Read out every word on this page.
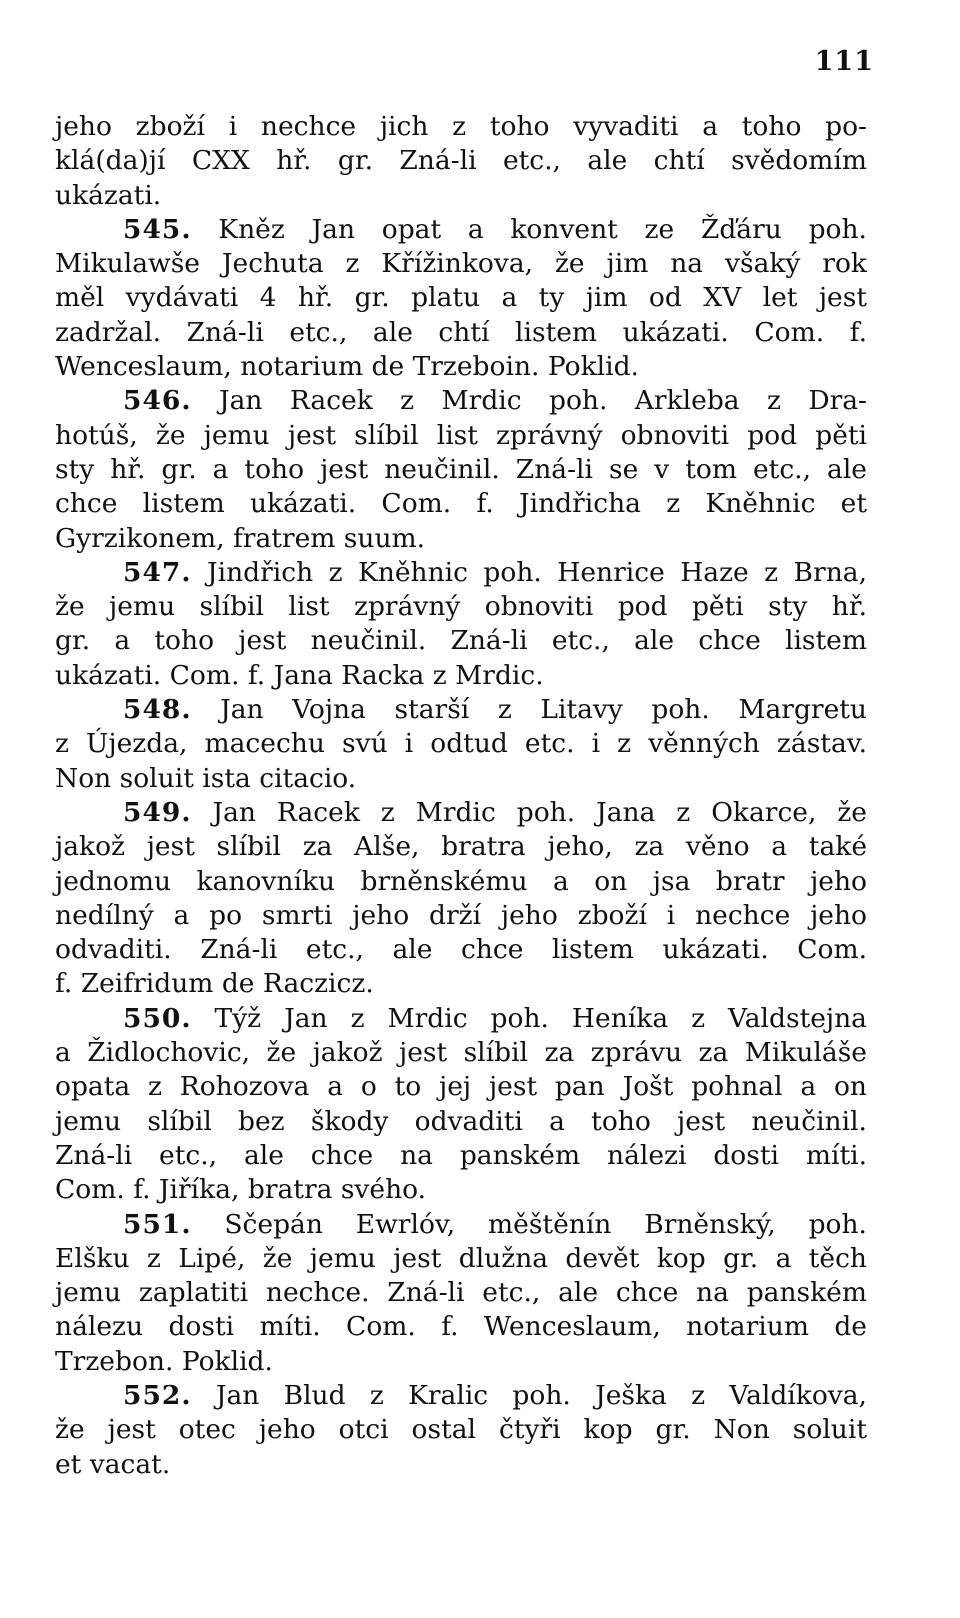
111
jeho zboží i nechce jich z toho vyvaditi a toho po-
klá(da)jí CXX hř. gr. Zná-li etc., ale chtí svědomím
ukázati.
545. Kněz Jan opat a konvent ze Žďáru poh.
Mikulawše Jechuta z Křížinkova, že jim na všaký rok
měl vydávati 4 hř. gr. platu a ty jim od XV let jest
zadržal. Zná-li etc., ale chtí listem ukázati. Com. f.
Wenceslaum, notarium de Trzeboin. Poklid.
546. Jan Racek z Mrdic poh. Arkleba z Dra-
hotúš, že jemu jest slíbil list zprávný obnoviti pod pěti
sty hř. gr. a toho jest neučinil. Zná-li se v tom etc., ale
chce listem ukázati. Com. f. Jindřicha z Kněhnic et
Gyrzikonem, fratrem suum.
547. Jindřich z Kněhnic poh. Henrice Haze z Brna,
že jemu slíbil list zprávný obnoviti pod pěti sty hř.
gr. a toho jest neučinil. Zná-li etc., ale chce listem
ukázati. Com. f. Jana Racka z Mrdic.
548. Jan Vojna starší z Litavy poh. Margretu
z Újezda, macechu svú i odtud etc. i z věnných zástav.
Non soluit ista citacio.
549. Jan Racek z Mrdic poh. Jana z Okarce, že
jakož jest slíbil za Alše, bratra jeho, za věno a také
jednomu kanovníku brněnskému a on jsa bratr jeho
nedílný a po smrti jeho drží jeho zboží i nechce jeho
odvaditi. Zná-li etc., ale chce listem ukázati. Com.
f. Zeifridum de Raczicz.
550. Týž Jan z Mrdic poh. Heníka z Valdstejna
a Židlochovic, že jakož jest slíbil za zprávu za Mikuláše
opata z Rohozova a o to jej jest pan Jošt pohnal a on
jemu slíbil bez škody odvaditi a toho jest neučinil.
Zná-li etc., ale chce na panském nálezi dosti míti.
Com. f. Jiříka, bratra svého.
551. Sčepán Ewrlóv, měštěnín Brněnský, poh.
Elšku z Lipé, že jemu jest dlužna devět kop gr. a těch
jemu zaplatiti nechce. Zná-li etc., ale chce na panském
nálezu dosti míti. Com. f. Wenceslaum, notarium de
Trzebon. Poklid.
552. Jan Blud z Kralic poh. Ješka z Valdíkova,
že jest otec jeho otci ostal čtyři kop gr. Non soluit
et vacat.
